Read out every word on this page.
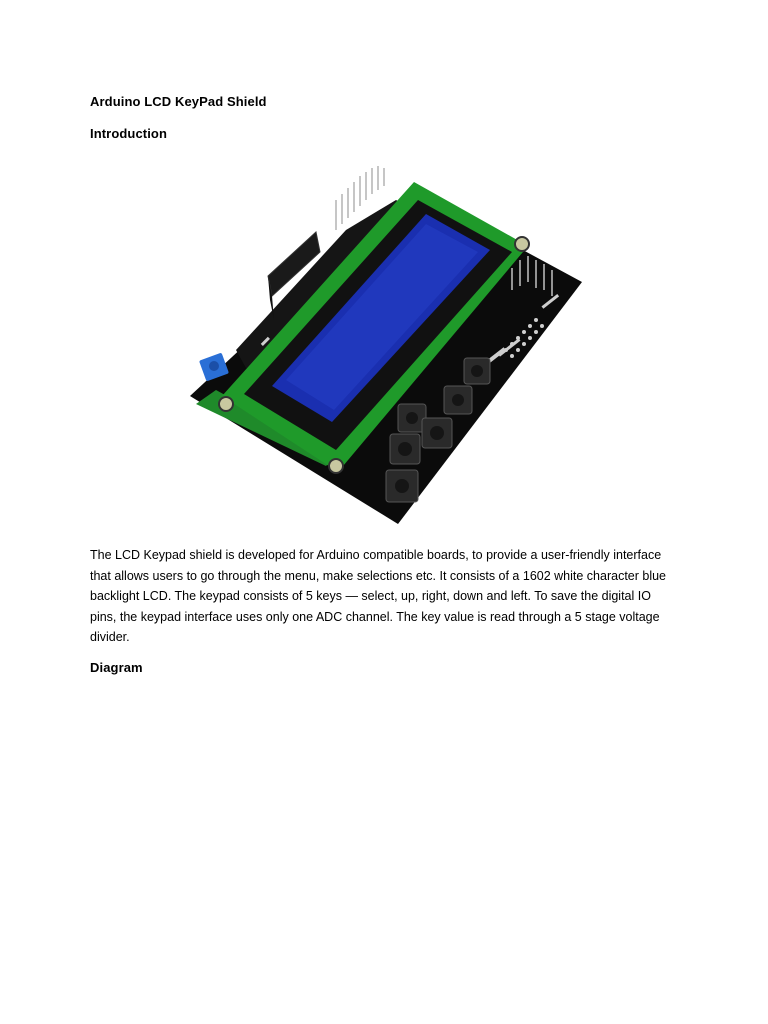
Arduino LCD KeyPad Shield
Introduction
The LCD Keypad shield is developed for Arduino compatible boards, to provide a user-friendly interface
that allows users to go through the menu, make selections etc. It consists of a 1602 white character blue
backlight LCD. The keypad consists of 5 keys — select, up, right, down and left. To save the digital IO
pins, the keypad interface uses only one ADC channel. The key value is read through a 5 stage voltage
divider.
Diagram
